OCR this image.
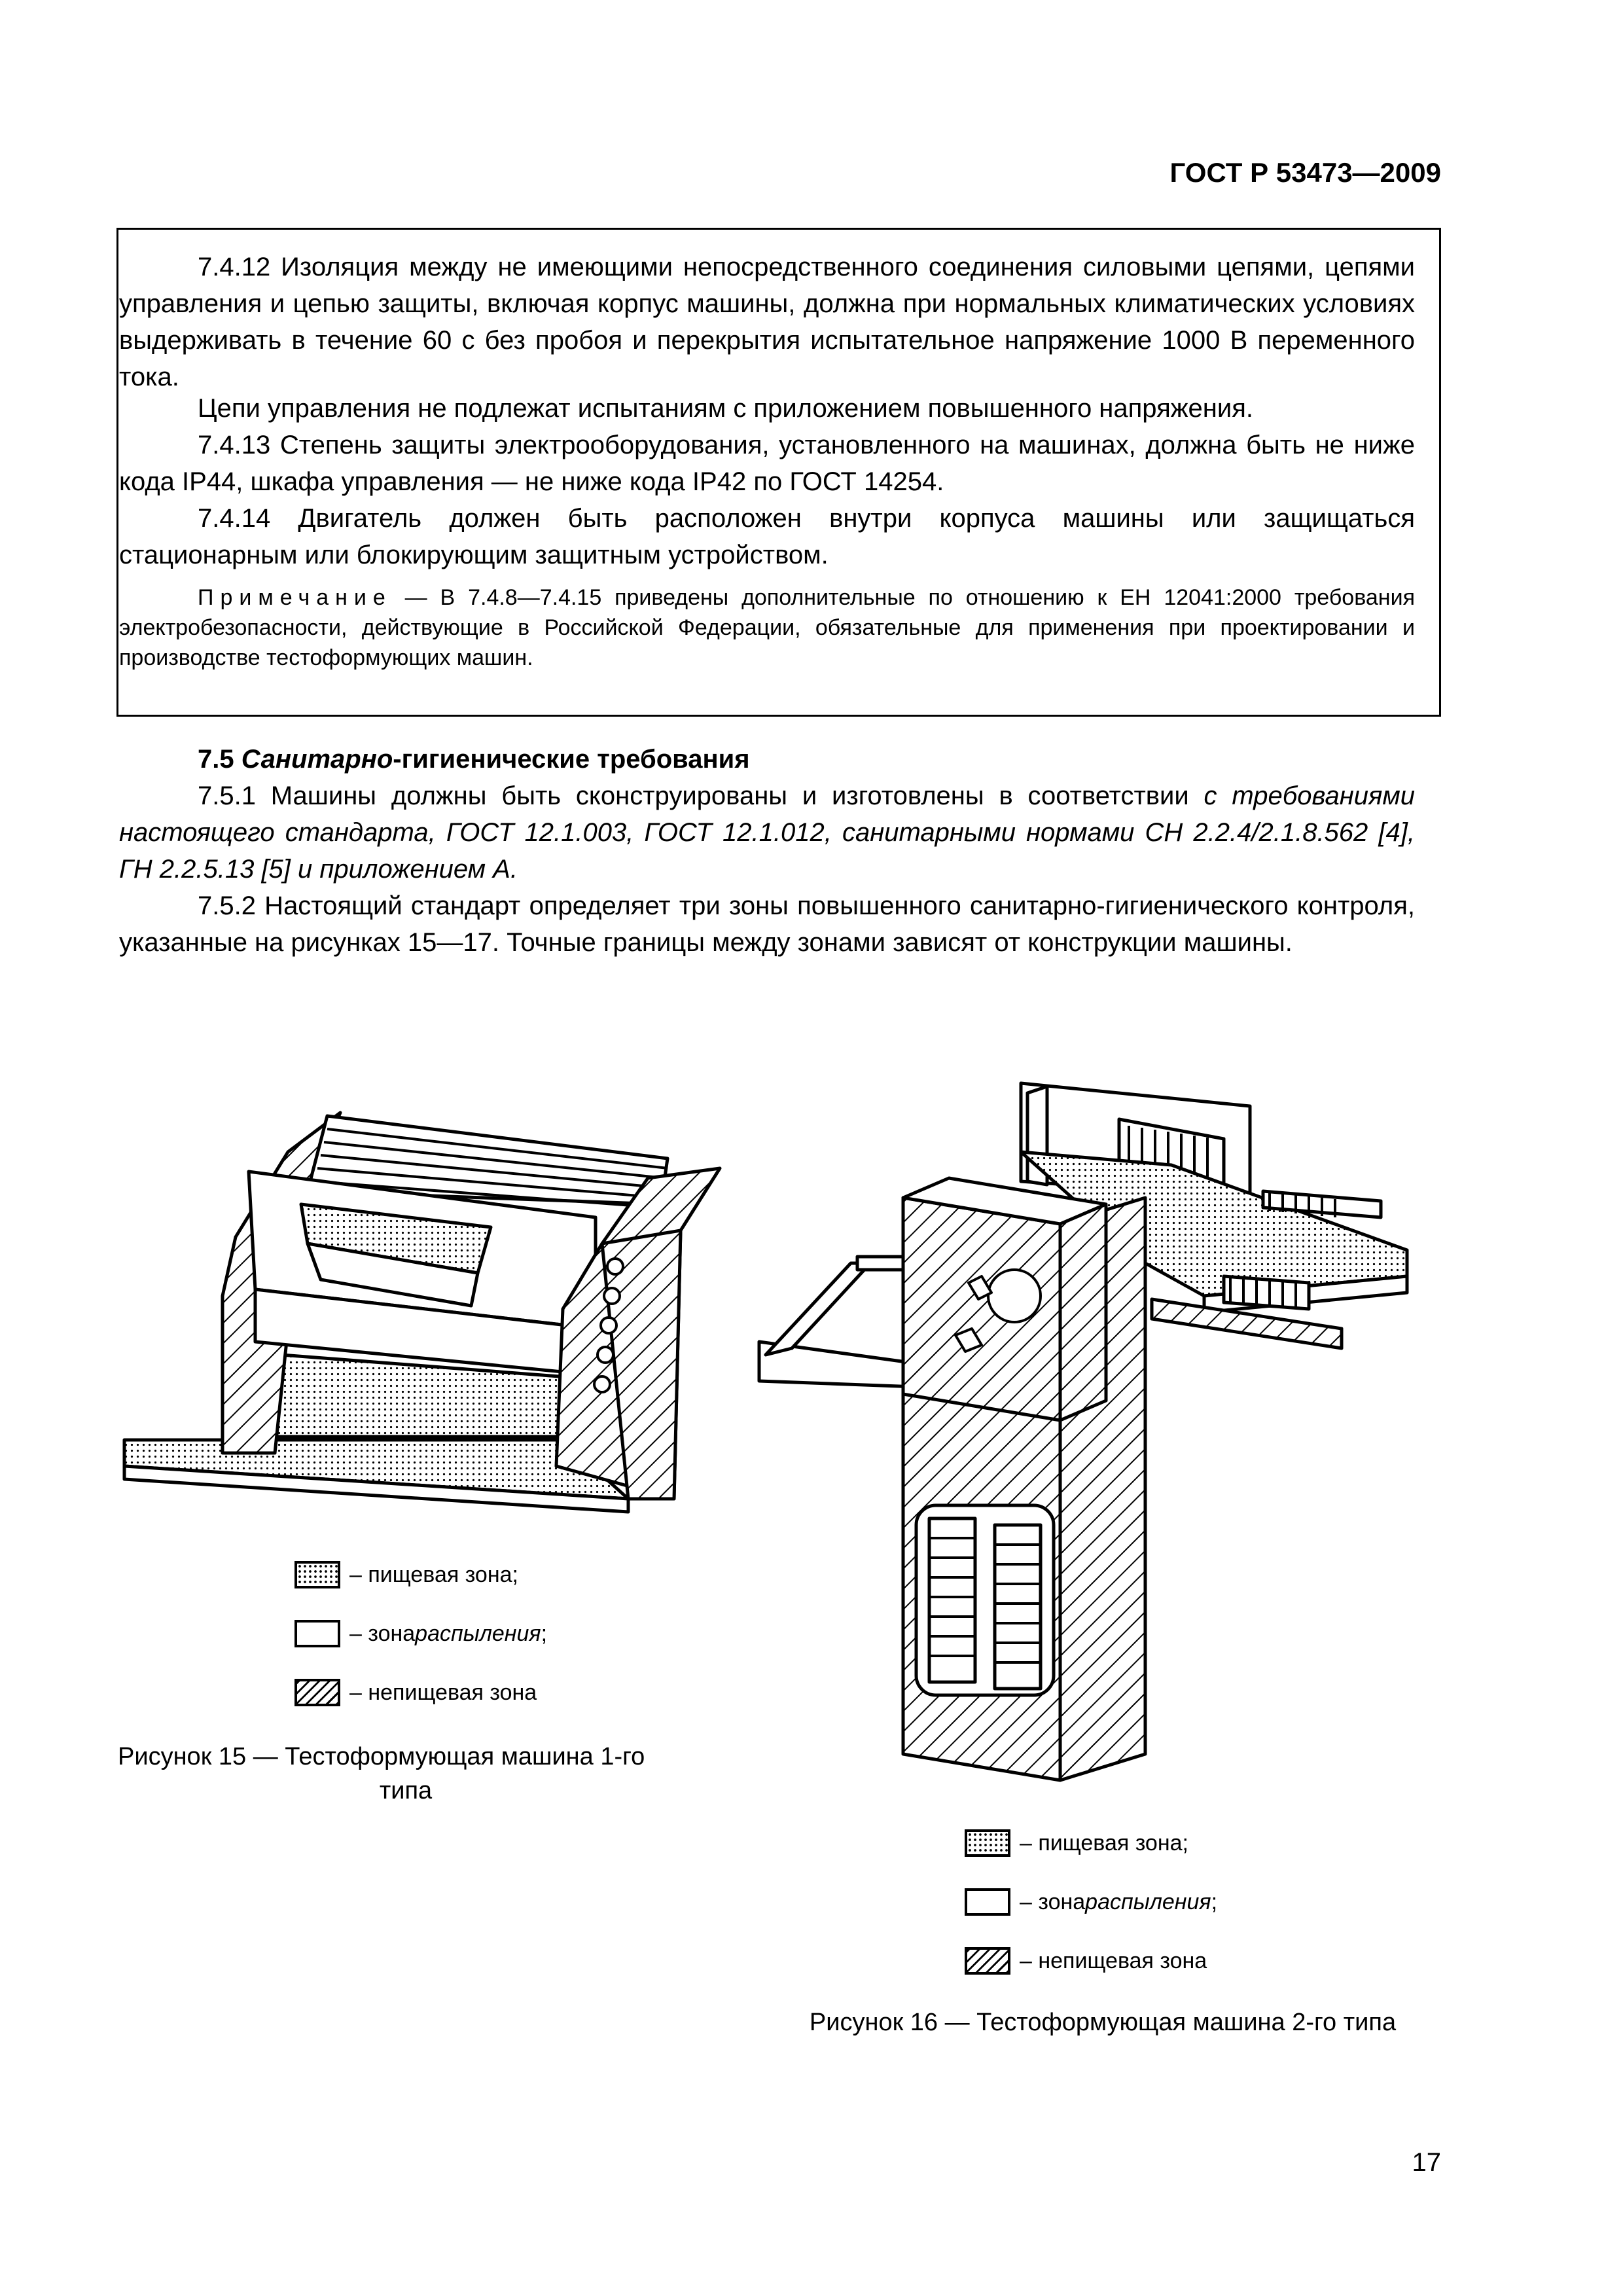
ГОСТ Р 53473—2009

7.4.12 Изоляция между не имеющими непосредственного соединения силовыми цепями, цепями управления и цепью защиты, включая корпус машины, должна при нормальных климатических условиях выдерживать в течение 60 с без пробоя и перекрытия испытательное напряжение 1000 В переменного тока.

Цепи управления не подлежат испытаниям с приложением повышенного напряжения.

7.4.13 Степень защиты электрооборудования, установленного на машинах, должна быть не ниже кода IP44, шкафа управления — не ниже кода IP42 по ГОСТ 14254.

7.4.14 Двигатель должен быть расположен внутри корпуса машины или защищаться стационарным или блокирующим защитным устройством.

Примечание — В 7.4.8—7.4.15 приведены дополнительные по отношению к ЕН 12041:2000 требования электробезопасности, действующие в Российской Федерации, обязательные для применения при проектировании и производстве тестоформующих машин.

7.5 Санитарно-гигиенические требования

7.5.1 Машины должны быть сконструированы и изготовлены в соответствии с требованиями настоящего стандарта, ГОСТ 12.1.003, ГОСТ 12.1.012, санитарными нормами СН 2.2.4/2.1.8.562 [4], ГН 2.2.5.13 [5] и приложением А.

7.5.2 Настоящий стандарт определяет три зоны повышенного санитарно-гигиенического контроля, указанные на рисунках 15—17. Точные границы между зонами зависят от конструкции машины.

– пищевая зона;
– зона распыления ;
– непищевая зона
Рисунок 15 — Тестоформующая машина 1-го
типа
– пищевая зона;
– зона распыления ;
– непищевая зона
Рисунок 16 — Тестоформующая машина 2-го типа
17
